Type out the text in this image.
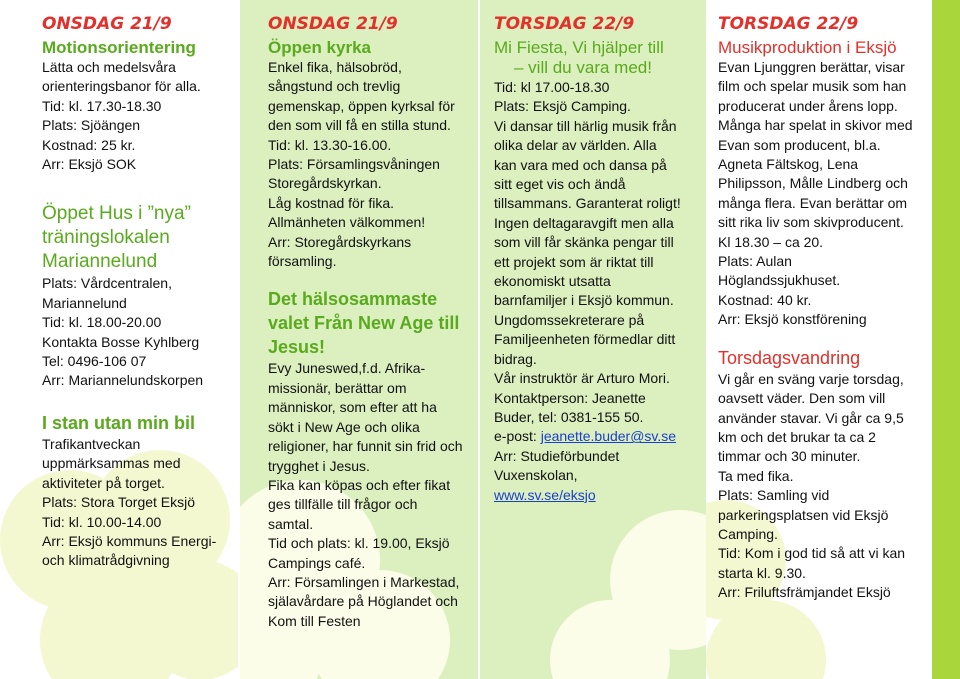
ONSDAG 21/9
Motionsorientering
Lätta och medelsvåra
orienteringsbanor för alla.
Tid: kl. 17.30-18.30
Plats: Sjöängen
Kostnad: 25 kr.
Arr: Eksjö SOK
Öppet Hus i ”nya”
träningslokalen
Mariannelund
Plats: Vårdcentralen,
Mariannelund
Tid: kl. 18.00-20.00
Kontakta Bosse Kyhlberg
Tel: 0496-106 07
Arr: Mariannelundskorpen
I stan utan min bil
Trafikantveckan
uppmärksammas med
aktiviteter på torget.
Plats: Stora Torget Eksjö
Tid: kl. 10.00-14.00
Arr: Eksjö kommuns Energi-
och klimatrådgivning
ONSDAG 21/9
Öppen kyrka
Enkel fika, hälsobröd,
sångstund och trevlig
gemenskap, öppen kyrksal för
den som vill få en stilla stund.
Tid: kl. 13.30-16.00.
Plats: Församlingsvåningen
Storegårdskyrkan.
Låg kostnad för fika.
Allmänheten välkommen!
Arr: Storegårdskyrkans
församling.
Det hälsosammaste
valet Från New Age till
Jesus!
Evy Juneswed,f.d. Afrika-
missionär, berättar om
människor, som efter att ha
sökt i New Age och olika
religioner, har funnit sin frid och
trygghet i Jesus.
Fika kan köpas och efter fikat
ges tillfälle till frågor och
samtal.
Tid och plats: kl. 19.00, Eksjö
Campings café.
Arr: Församlingen i Markestad,
själavårdare på Höglandet och
Kom till Festen
TORSDAG 22/9
Mi Fiesta, Vi hjälper till
– vill du vara med!
Tid: kl 17.00-18.30
Plats: Eksjö Camping.
Vi dansar till härlig musik från
olika delar av världen. Alla
kan vara med och dansa på
sitt eget vis och ändå
tillsammans. Garanterat roligt!
Ingen deltagaravgift men alla
som vill får skänka pengar till
ett projekt som är riktat till
ekonomiskt utsatta
barnfamiljer i Eksjö kommun.
Ungdomssekreterare på
Familjeenheten förmedlar ditt
bidrag.
Vår instruktör är Arturo Mori.
Kontaktperson: Jeanette
Buder, tel: 0381-155 50.
e-post: jeanette.buder@sv.se
Arr: Studieförbundet
Vuxenskolan,
www.sv.se/eksjo
TORSDAG 22/9
Musikproduktion i Eksjö
Evan Ljunggren berättar, visar
film och spelar musik som han
producerat under årens lopp.
Många har spelat in skivor med
Evan som producent, bl.a.
Agneta Fältskog, Lena
Philipsson, Målle Lindberg och
många flera. Evan berättar om
sitt rika liv som skivproducent.
Kl 18.30 – ca 20.
Plats: Aulan
Höglandssjukhuset.
Kostnad: 40 kr.
Arr: Eksjö konstförening
Torsdagsvandring
Vi går en sväng varje torsdag,
oavsett väder. Den som vill
använder stavar. Vi går ca 9,5
km och det brukar ta ca 2
timmar och 30 minuter.
Ta med fika.
Plats: Samling vid
parkeringsplatsen vid Eksjö
Camping.
Tid: Kom i god tid så att vi kan
starta kl. 9.30.
Arr: Friluftsfrämjandet Eksjö
